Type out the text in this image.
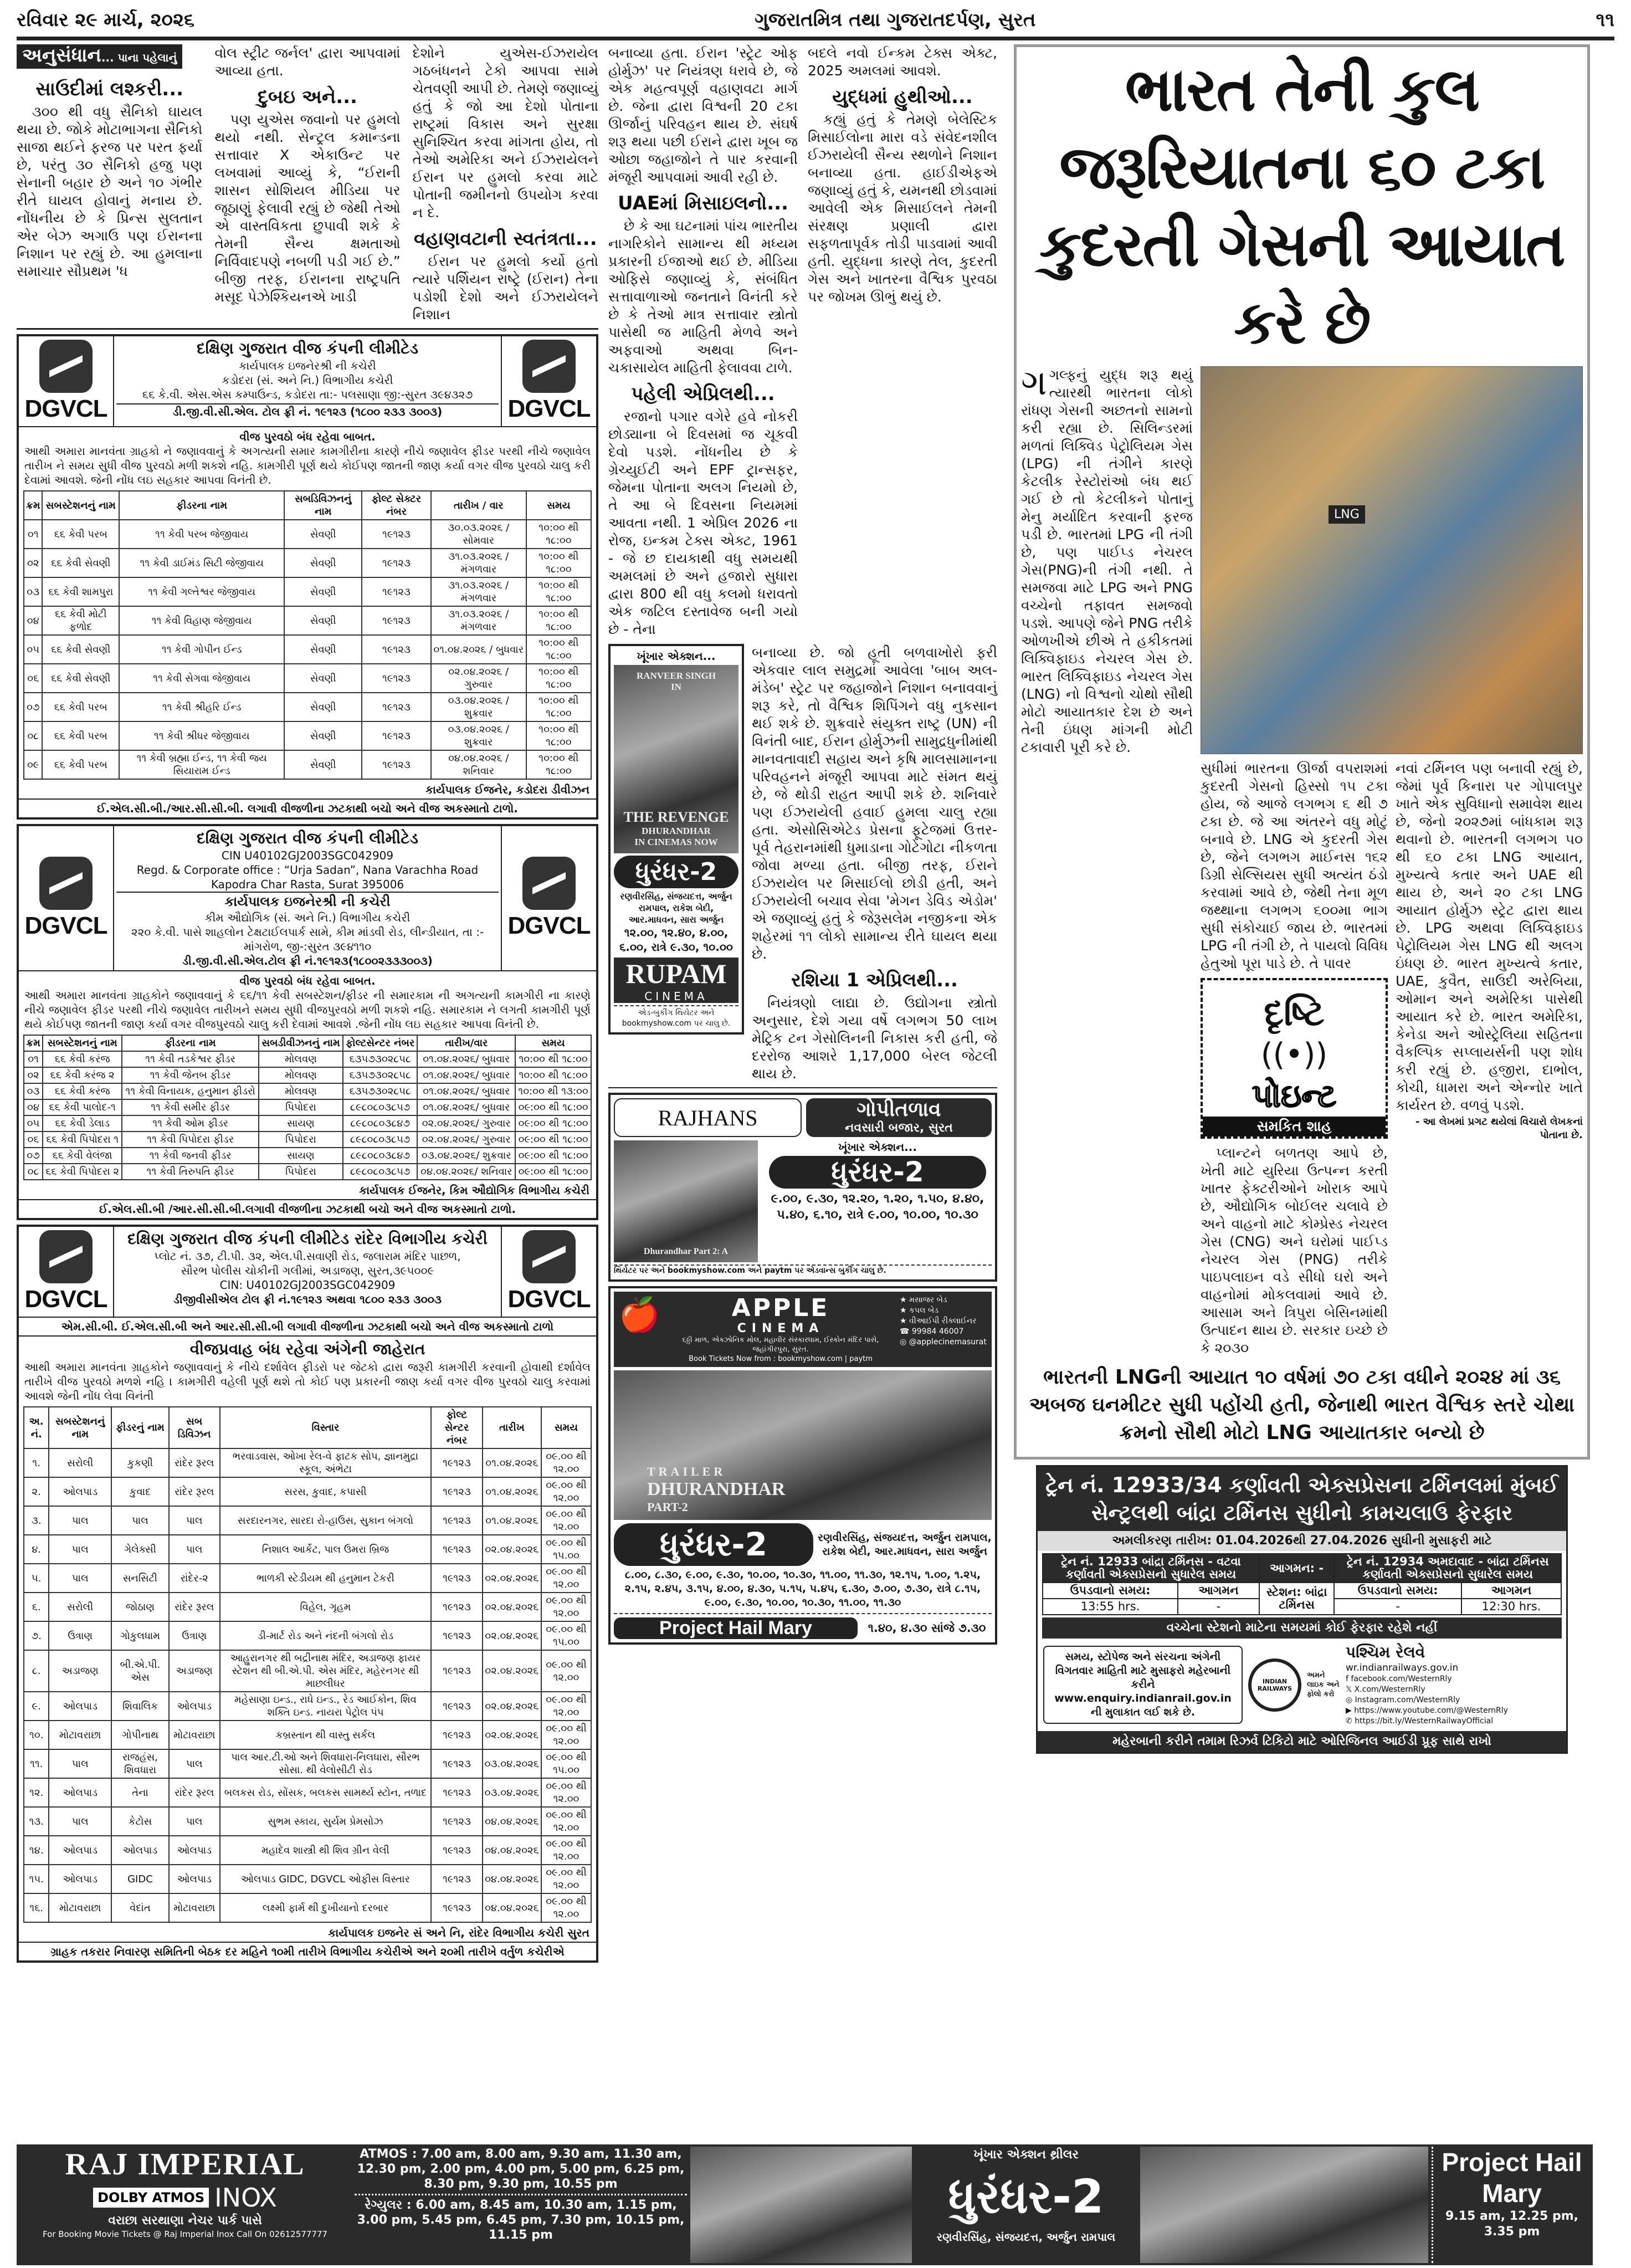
રવિવાર ૨૯ માર્ચ, ૨૦૨૬	ગુજરાતમિત્ર તથા ગુજરાતદર્પણ, સુરત	૧૧
અનુસંધાન... પાના પહેલાનું
સાઉદીમાં લશ્કરી...

૩૦૦ થી વધુ સૈનિકો ઘાયલ થયા છે. જોકે મોટાભાગના સૈનિકો સાજા થઈને ફરજ પર પરત ફર્યા છે, પરંતુ ૩૦ સૈનિકો હજુ પણ સેનાની બહાર છે અને ૧૦ ગંભીર રીતે ઘાયલ હોવાનું મનાય છે. નોંધનીય છે કે પ્રિન્સ સુલતાન એર બેઝ અગાઉ પણ ઈરાનના નિશાન પર રહ્યું છે. આ હુમલાના સમાચાર સૌપ્રથમ 'ધ

વોલ સ્ટ્રીટ જર્નલ' દ્વારા આપવામાં આવ્યા હતા.

દુબઇ અને...

પણ યુએસ જવાનો પર હુમલો થયો નથી. સેન્ટ્રલ કમાન્ડના સત્તાવાર X એકાઉન્ટ પર લખવામાં આવ્યું કે, “ઈરાની શાસન સોશિયલ મીડિયા પર જૂઠાણું ફેલાવી રહ્યું છે જેથી તેઓ એ વાસ્તવિકતા છુપાવી શકે કે તેમની સૈન્ય ક્ષમતાઓ નિર્વિવાદપણે નબળી પડી ગઈ છે.” બીજી તરફ, ઈરાનના રાષ્ટ્રપતિ મસૂદ પેઝેશ્કિયનએ ખાડી

દેશોને યુએસ-ઈઝરાયેલ ગઠબંધનને ટેકો આપવા સામે ચેતવણી આપી છે. તેમણે જણાવ્યું હતું કે જો આ દેશો પોતાના રાષ્ટ્રમાં વિકાસ અને સુરક્ષા સુનિશ્ચિત કરવા માંગતા હોય, તો તેઓ અમેરિકા અને ઈઝરાયેલને ઈરાન પર હુમલો કરવા માટે પોતાની જમીનનો ઉપયોગ કરવા ન દે.

વહાણવટાની સ્વતંત્રતા...

ઈરાન પર હુમલો કર્યો હતો ત્યારે પર્શિયન રાષ્ટ્રે (ઈરાન) તેના પડોશી દેશો અને ઈઝરાયેલને નિશાન

DGVCL
દક્ષિણ ગુજરાત વીજ કંપની લીમીટેડ
કાર્યપાલક ઇજનેરશ્રી ની કચેરી
કડોદરા (સં. અને નિ.) વિભાગીય કચેરી
૬૬ કે.વી. એસ.એસ કમ્પાઉન્ડ, કડોદરા તા:- પલસાણા જી:-સુરત ૩૯૪૩૨૭
ડી.જી.વી.સી.એલ. ટોલ ફ્રી નં. ૧૯૧૨૩ (૧૮૦૦ ૨૩૩ ૩૦૦૩)	DGVCL
વીજ પુરવઠો બંધ રહેવા બાબત.

આથી અમારા માનવંતા ગ્રાહકો ને જણાવવાનું કે અગત્યની સમાર કામગીરીના કારણે નીચે જણાવેલ ફીડર પરથી નીચે જણાવેલ તારીખ ને સમય સુધી વીજ પુરવઠો મળી શકશે નહિ. કામગીરી પૂર્ણ થયે કોઈપણ જાતની જાણ કર્યા વગર વીજ પુરવઠો ચાલુ કરી દેવામાં આવશે. જેની નોંધ લઇ સહકાર આપવા વિનંતી છે.

ક્રમ	સબસ્ટેશનનું નામ	ફીડરના નામ	સબડિવિઝનનું નામ	ફોલ્ટ સેક્ટર નંબર	તારીખ / વાર	સમય
૦૧	૬૬ કેવી પરબ	૧૧ કેવી પરબ જેજીવાય	સેવણી	૧૯૧૨૩	૩૦.૦૩.૨૦૨૬ / સોમવાર	૧૦:૦૦ થી ૧૮:૦૦
૦૨	૬૬ કેવી સેવણી	૧૧ કેવી ડાઈમંડ સિટી જેજીવાય	સેવણી	૧૯૧૨૩	૩૧.૦૩.૨૦૨૬ / મંગળવાર	૧૦:૦૦ થી ૧૮:૦૦
૦૩	૬૬ કેવી શામપુરા	૧૧ કેવી ગલ્તેશ્વર જેજીવાય	સેવણી	૧૯૧૨૩	૩૧.૦૩.૨૦૨૬ / મંગળવાર	૧૦:૦૦ થી ૧૮:૦૦
૦૪	૬૬ કેવી મોટી ફળોદ	૧૧ કેવી વિહાણ જેજીવાય	સેવણી	૧૯૧૨૩	૩૧.૦૩.૨૦૨૬ / મંગળવાર	૧૦:૦૦ થી ૧૮:૦૦
૦૫	૬૬ કેવી સેવણી	૧૧ કેવી ગોપીન ઈન્ડ	સેવણી	૧૯૧૨૩	૦૧.૦૪.૨૦૨૬ / બુધવાર	૧૦:૦૦ થી ૧૮:૦૦
૦૬	૬૬ કેવી સેવણી	૧૧ કેવી સેગવા જેજીવાય	સેવણી	૧૯૧૨૩	૦૨.૦૪.૨૦૨૬ / ગુરુવાર	૧૦:૦૦ થી ૧૮:૦૦
૦૭	૬૬ કેવી પરબ	૧૧ કેવી શ્રીહરિ ઈન્ડ	સેવણી	૧૯૧૨૩	૦૩.૦૪.૨૦૨૬ / શુક્રવાર	૧૦:૦૦ થી ૧૮:૦૦
૦૮	૬૬ કેવી પરબ	૧૧ કેવી શ્રીધર જેજીવાય	સેવણી	૧૯૧૨૩	૦૩.૦૪.૨૦૨૬ / શુક્રવાર	૧૦:૦૦ થી ૧૮:૦૦
૦૯	૬૬ કેવી પરબ	૧૧ કેવી બ્રહ્મા ઈન્ડ, ૧૧ કેવી જય સિયારામ ઈન્ડ	સેવણી	૧૯૧૨૩	૦૪.૦૪.૨૦૨૬ / શનિવાર	૧૦:૦૦ થી ૧૮:૦૦
કાર્યપાલક ઈજનેર, કડોદરા ડીવીઝન
ઈ.એલ.સી.બી./આર.સી.સી.બી. લગાવી વીજળીના ઝટકાથી બચો અને વીજ અકસ્માતો ટાળો.
DGVCL
દક્ષિણ ગુજરાત વીજ કંપની લીમીટેડ
CIN U40102GJ2003SGC042909
Regd. & Corporate office : “Urja Sadan”, Nana Varachha Road
Kapodra Char Rasta, Surat 395006
કાર્યપાલક ઇજનેરશ્રી ની કચેરી
કીમ ઔદ્યોગિક (સં. અને નિ.) વિભાગીય કચેરી
૨૨૦ કે.વી. પાસે શાહલોન ટેક્ષટાઈલપાર્ક સામે, કીમ માંડવી રોડ, લીન્ડીયાત, તા :-માંગરોળ, જી-:સુરત ૩૯૪૧૧૦
ડી.જી.વી.સી.એલ.ટોલ ફ્રી નં.૧૯૧૨૩(૧૮૦૦૨૩૩૩૦૦૩)
DGVCL
વીજ પુરવઠો બંધ રહેવા બાબત.

આથી અમારા માનવંતા ગ્રાહકોને જણાવવાનું કે ૬૬/૧૧ કેવી સબસ્ટેશન/ફીડર ની સમારકામ ની અગત્યની કામગીરી ના કારણે નીચે જણાવેલ ફીડર પરથી નીચે જણાવેલ તારીખને સમય સુધી વીજપુરવઠો મળી શકશે નહિ. સમારકામ ને લગતી કામગીરી પૂર્ણ થયે કોઈપણ જાતની જાણ કર્યા વગર વીજપુરવઠો ચાલુ કરી દેવામાં આવશે .જેની નોંધ લઇ સહકાર આપવા વિનંતી છે.

ક્રમ	સબસ્ટેશનનું નામ	ફીડરના નામ	સબડીવીઝનનું નામ	ફોલ્ટસેન્ટર નંબર	તારીખ/વાર	સમય
૦૧	૬૬ કેવી કરંજ	૧૧ કેવી તડકેશ્વર ફીડર	મોલવણ	૬૩૫૭૩૦૨૮૫૮	૦૧.૦૪.૨૦૨૬/ બુધવાર	૧૦:૦૦ થી ૧૮:૦૦
૦૨	૬૬ કેવી કરંજ ૨	૧૧ કેવી જેનબ ફીડર	મોલવણ	૬૩૫૭૩૦૨૮૫૮	૦૧.૦૪.૨૦૨૬/ બુધવાર	૧૦:૦૦ થી ૧૮:૦૦
૦૩	૬૬ કેવી કરંજ	૧૧ કેવી વિનાયક, હનુમાન ફીડરો	મોલવણ	૬૩૫૭૩૦૨૮૫૮	૦૧.૦૪.૨૦૨૬/ બુધવાર	૧૦:૦૦ થી ૧૩:૦૦
૦૪	૬૬ કેવી પાલોદ-૧	૧૧ કેવી સમીર ફીડર	પિપોદરા	૮૯૮૦૮૦૩૮૫૭	૦૧.૦૪.૨૦૨૬/ બુધવાર	૦૯:૦૦ થી ૧૮:૦૦
૦૫	૬૬ કેવી ડેલાડ	૧૧ કેવી ઓમ ફીડર	સાયણ	૮૯૮૦૮૦૩૮૪૭	૦૨.૦૪.૨૦૨૬/ ગુરુવાર	૦૯:૦૦ થી ૧૮:૦૦
૦૬	૬૬ કેવી પિપોદરા ૧	૧૧ કેવી પિપોદરા ફીડર	પિપોદરા	૮૯૮૦૮૦૩૮૫૭	૦૨.૦૪.૨૦૨૬/ ગુરુવાર	૦૯:૦૦ થી ૧૮:૦૦
૦૭	૬૬ કેવી વેલંજા	૧૧ કેવી જનવી ફીડર	સાયણ	૮૯૮૦૮૦૩૮૪૭	૦૩.૦૪.૨૦૨૬/ શુક્રવાર	૦૯:૦૦ થી ૧૮:૦૦
૦૮	૬૬ કેવી પિપોદરા ૨	૧૧ કેવી તિરુપતિ ફીડર	પિપોદરા	૮૯૮૦૮૦૩૮૫૭	૦૪.૦૪.૨૦૨૬/ શનિવાર	૦૯:૦૦ થી ૧૮:૦૦
કાર્યપાલક ઈજનેર, કિમ ઔદ્યોગિક વિભાગીય કચેરી
ઈ.એલ.સી.બી /આર.સી.સી.બી.લગાવી વીજળીના ઝટકાથી બચો અને વીજ અકસ્માતો ટાળો.
DGVCL
દક્ષિણ ગુજરાત વીજ કંપની લીમીટેડ રાંદેર વિભાગીય કચેરી
પ્લોટ નં. ૩૭, ટી.પી. ૩૨, એલ.પી.સવાણી રોડ, જલારામ મંદિર પાછળ,
સૌરભ પોલીસ ચોકીની ગલીમાં, અડાજણ, સુરત,૩૯૫૦૦૯
CIN: U40102GJ2003SGC042909
ડીજીવીસીએલ ટોલ ફ્રી નં.૧૯૧૨૩ અથવા ૧૮૦૦ ૨૩૩ ૩૦૦૩	DGVCL
એમ.સી.બી. ઈ.એલ.સી.બી અને આર.સી.સી.બી લગાવી વીજળીના ઝટકાથી બચો અને વીજ અકસ્માતો ટાળો
વીજપ્રવાહ બંધ રહેવા અંગેની જાહેરાત

આથી અમારા માનવંતા ગ્રાહકોને જણાવવાનું કે નીચે દર્શાવેલ ફીડરો પર જેટકો દ્વારા જરૂરી કામગીરી કરવાની હોવાથી દર્શાવેલ તારીખે વીજ પુરવઠો મળશે નહિ । કામગીરી વહેલી પૂર્ણ થશે તો કોઈ પણ પ્રકારની જાણ કર્યા વગર વીજ પુરવઠો ચાલુ કરવામાં આવશે જેની નોંધ લેવા વિનંતી

અ. નં.	સબસ્ટેશનનું નામ	ફીડરનું નામ	સબ ડિવિઝન	વિસ્તાર	ફોલ્ટ સેન્ટર નંબર	તારીખ	સમય
૧.	સરોલી	કુકણી	રાંદેર રૂરલ	ભરવાડવાસ, ઓખા રેલ-વે ફાટક સોપ, જ્ઞાનમુદ્રા સ્કૂલ, અંભેટા	૧૯૧૨૩	૦૧.૦૪.૨૦૨૬	૦૯.૦૦ થી ૧૨.૦૦
૨.	ઓલપાડ	કુવાદ	રાંદેર રૂરલ	સરસ, કુવાદ, કપાસી	૧૯૧૨૩	૦૧.૦૪.૨૦૨૬	૦૯.૦૦ થી ૧૨.૦૦
૩.	પાલ	પાલ	પાલ	સરદારનગર, સારદા રો-હાઉસ, સુકાન બંગલો	૧૯૧૨૩	૦૧.૦૪.૨૦૨૬	૦૯.૦૦ થી ૧૨.૦૦
૪.	પાલ	ગેલેક્સી	પાલ	નિશાલ આર્કેટ, પાલ ઉમરા બ્રિજ	૧૯૧૨૩	૦૨.૦૪.૨૦૨૬	૦૯.૦૦ થી ૧૫.૦૦
૫.	પાલ	સનસિટી	રાંદેર-૨	ભાળકી સ્ટેડીયમ થી હનુમાન ટેકરી	૧૯૧૨૩	૦૨.૦૪.૨૦૨૬	૦૯.૦૦ થી ૧૨.૦૦
૬.	સરોલી	જોઠાણ	રાંદેર રૂરલ	વિહેલ, ગૃહમ	૧૯૧૨૩	૦૨.૦૪.૨૦૨૬	૦૯.૦૦ થી ૧૨.૦૦
૭.	ઉત્રાણ	ગોકુલધામ	ઉત્રાણ	ડી-માર્ટ રોડ અને નંદની બંગલો રોડ	૧૯૧૨૩	૦૨.૦૪.૨૦૨૬	૦૯.૦૦ થી ૧૫.૦૦
૮.	અડાજણ	બી.એ.પી. એસ	અડાજણ	આહુરાનગર થી બદ્રીનાથ મંદિર, અડાજણ ફાયર સ્ટેશન થી બી.એ.પી. એસ મંદિર, મહેરનગર થી માછલીઘર	૧૯૧૨૩	૦૨.૦૪.૨૦૨૬	૦૯.૦૦ થી ૧૨.૦૦
૯.	ઓલપાડ	શિવાલિક	ઓલપાડ	મહેસાણા ઇન્ડ., રાધે ઇન્ડ., રેડ આઈકોન, શિવ શક્તિ ઇન્ડ. નાયરા પેટ્રોલ પંપ	૧૯૧૨૩	૦૨.૦૪.૨૦૨૬	૦૯.૦૦ થી ૧૨.૦૦
૧૦.	મોટાવરાછા	ગોપીનાથ	મોટાવરાછા	કબ્રસ્તાન થી વાસ્તુ સર્કલ	૧૯૧૨૩	૦૨.૦૪.૨૦૨૬	૦૯.૦૦ થી ૧૨.૦૦
૧૧.	પાલ	રાજહંસ, શિવધારા	પાલ	પાલ આર.ટી.ઓ અને શિવધારા-નિલધારા, સૌરભ સોસા. થી વેલોસીટી રોડ	૧૯૧૨૩	૦૩.૦૪.૨૦૨૬	૦૯.૦૦ થી ૧૫.૦૦
૧૨.	ઓલપાડ	તેના	રાંદેર રૂરલ	બલકસ રોડ, સોંસક, બલકસ સામર્થ્ય સ્ટોન, તળાદ	૧૯૧૨૩	૦૩.૦૪.૨૦૨૬	૦૯.૦૦ થી ૧૨.૦૦
૧૩.	પાલ	કેટોસ	પાલ	સુભમ સ્કાય, સુર્યમ પ્રેમસોઝ	૧૯૧૨૩	૦૪.૦૪.૨૦૨૬	૦૯.૦૦ થી ૧૨.૦૦
૧૪.	ઓલપાડ	ઓલપાડ	ઓલપાડ	મહાદેવ શાસ્ત્રી થી શિવ ગ્રીન વેલી	૧૯૧૨૩	૦૪.૦૪.૨૦૨૬	૦૯.૦૦ થી ૧૨.૦૦
૧૫.	ઓલપાડ	GIDC	ઓલપાડ	ઓલપાડ GIDC, DGVCL ઓફીસ વિસ્તાર	૧૯૧૨૩	૦૪.૦૪.૨૦૨૬	૦૯.૦૦ થી ૧૨.૦૦
૧૬.	મોટાવરાછા	વેદાંત	મોટાવરાછા	લક્ષ્મી ફાર્મ થી દુખીયાનો દરબાર	૧૯૧૨૩	૦૪.૦૪.૨૦૨૬	૦૯.૦૦ થી ૧૨.૦૦
કાર્યપાલક ઇજનેર સં અને નિ, રાંદેર વિભાગીય કચેરી સુરત
ગ્રાહક તકરાર નિવારણ સમિતિની બેઠક દર મહિને ૧૦મી તારીખે વિભાગીય કચેરીએ અને ૨૦મી તારીખે વર્તુળ કચેરીએ

બનાવ્યા હતા. ઈરાન 'સ્ટ્રેટ ઓફ હોર્મુઝ' પર નિયંત્રણ ધરાવે છે, જે એક મહત્વપૂર્ણ વહાણવટા માર્ગ છે. જેના દ્વારા વિશ્વની 20 ટકા ઊર્જાનું પરિવહન થાય છે. સંઘર્ષ શરૂ થયા પછી ઈરાને દ્વારા ખૂબ જ ઓછા જહાજોને તે પાર કરવાની મંજૂરી આપવામાં આવી રહી છે.

UAEમાં મિસાઇલનો...

છે કે આ ઘટનામાં પાંચ ભારતીય નાગરિકોને સામાન્ય થી મધ્યમ પ્રકારની ઈજાઓ થઈ છે. મીડિયા ઓફિસે જણાવ્યું કે, સંબંધિત સત્તાવાળાઓ જનતાને વિનંતી કરે છે કે તેઓ માત્ર સત્તાવાર સ્ત્રોતો પાસેથી જ માહિતી મેળવે અને અફવાઓ અથવા બિન-ચકાસાયેલ માહિતી ફેલાવવા ટાળે.

પહેલી એપ્રિલથી...

રજાનો પગાર વગેરે હવે નોકરી છોડ્યાના બે દિવસમાં જ ચૂકવી દેવો પડશે. નોંધનીય છે કે ગ્રેચ્યુઈટી અને EPF ટ્રાન્સફર, જેમના પોતાના અલગ નિયમો છે, તે આ બે દિવસના નિયમમાં આવતા નથી. 1 એપ્રિલ 2026 ના રોજ, ઇન્કમ ટેક્સ એક્ટ, 1961 - જે છ દાયકાથી વધુ સમયથી અમલમાં છે અને હજારો સુધારા દ્વારા 800 થી વધુ કલમો ધરાવતો એક જટિલ દસ્તાવેજ બની ગયો છે - તેના

બદલે નવો ઈન્કમ ટેક્સ એક્ટ, 2025 અમલમાં આવશે.

યુદ્ધમાં હુથીઓ...

કહ્યું હતું કે તેમણે બેલેસ્ટિક મિસાઈલોના મારા વડે સંવેદનશીલ ઈઝરાયેલી સૈન્ય સ્થળોને નિશાન બનાવ્યા હતા. હાઈડીએફએ જણાવ્યું હતું કે, યમનથી છોડવામાં આવેલી એક મિસાઈલને તેમની સંરક્ષણ પ્રણાલી દ્વારા સફળતાપૂર્વક તોડી પાડવામાં આવી હતી. યુદ્ધના કારણે તેલ, કુદરતી ગેસ અને ખાતરના વૈશ્વિક પુરવઠા પર જોખમ ઊભું થયું છે.

ખૂંખાર એક્શન...
RANVEER SINGH
IN
THE REVENGE
DHURANDHAR
IN CINEMAS NOW
ધુરંધર-2
રણવીરસિંહ, સંજયદત્ત, અર્જુન રામપાલ, રાકેશ બેદી, આર.માધવન, સારા અર્જુન
૧૨.૦૦, ૧૨.૪૦, ૪.૦૦, ૬.૦૦, રાત્રે ૯.૩૦, ૧૦.૦૦
RUPAM
CINEMA
એડ-બુકીંગ થિયેટર અને bookmyshow.com પર ચાલુ છે.

બનાવ્યા છે. જો હૂતી બળવાખોરો ફરી એકવાર લાલ સમુદ્રમાં આવેલા 'બાબ અલ-મંડેબ' સ્ટ્રેટ પર જહાજોને નિશાન બનાવવાનું શરૂ કરે, તો વૈશ્વિક શિપિંગને વધુ નુકસાન થઈ શકે છે. શુક્રવારે સંયુક્ત રાષ્ટ્ર (UN) ની વિનંતી બાદ, ઈરાન હોર્મુઝની સામુદ્રધુનીમાંથી માનવતાવાદી સહાય અને કૃષિ માલસામાનના પરિવહનને મંજૂરી આપવા માટે સંમત થયું છે, જે થોડી રાહત આપી શકે છે. શનિવારે પણ ઈઝરાયેલી હવાઈ હુમલા ચાલુ રહ્યા હતા. એસોસિએટેડ પ્રેસના ફૂટેજમાં ઉત્તર-પૂર્વ તેહરાનમાંથી ધુમાડાના ગોટેગોટા નીકળતા જોવા મળ્યા હતા. બીજી તરફ, ઈરાને ઈઝરાયેલ પર મિસાઈલો છોડી હતી, અને ઈઝરાયેલી બચાવ સેવા 'મેગન ડેવિડ એડોમ' એ જણાવ્યું હતું કે જેરૂસલેમ નજીકના એક શહેરમાં ૧૧ લોકો સામાન્ય રીતે ઘાયલ થયા છે.

રશિયા 1 એપ્રિલથી...

નિયંત્રણો લાદ્યા છે. ઉદ્યોગના સ્ત્રોતો અનુસાર, દેશે ગયા વર્ષે લગભગ 50 લાખ મેટ્રિક ટન ગેસોલિનની નિકાસ કરી હતી, જે દરરોજ આશરે 1,17,000 બેરલ જેટલી થાય છે.

RAJHANS	ગોપીતળાવ
નવસારી બજાર, સુરત
Dhurandhar Part 2: A
ખૂંખાર એક્શન...
ધુરંધર-2
૯.૦૦, ૯.૩૦, ૧૨.૨૦, ૧.૨૦, ૧.૫૦, ૪.૪૦, ૫.૪૦, ૬.૧૦, રાત્રે ૯.૦૦, ૧૦.૦૦, ૧૦.૩૦
થિયેટર પર અને bookmyshow.com અને paytm પર એડવાન્સ બુકીંગ ચાલુ છે.
🍎	APPLE
CINEMA
૬ઠ્ઠી માળ, એક્ઝોનિક મોલ, મહાવીર સંસ્કારધામ, ઈસ્કોન મંદિર પાસે, જહાંગીરપુરા, સુરત.
Book Tickets Now from : bookmyshow.com | paytm
★ મસાજર બેડ
★ કપલ બેડ
★ વીઆઈપી રીક્લાઈનર
☎ 99984 46007
◎ @applecinemasurat
TRAILER
DHURANDHAR
PART-2
ધુરંધર-2	રણવીરસિંહ, સંજયદત્ત, અર્જુન રામપાલ, રાકેશ બેદી, આર.માધવન, સારા અર્જુન
૮.૦૦, ૮.૩૦, ૯.૦૦, ૯.૩૦, ૧૦.૦૦, ૧૦.૩૦, ૧૧.૦૦, ૧૧.૩૦, ૧૨.૧૫, ૧.૦૦, ૧.૨૫, ૨.૧૫, ૨.૪૫, ૩.૧૫, ૪.૦૦, ૪.૩૦, ૫.૧૫, ૫.૪૫, ૬.૩૦, ૭.૦૦, ૭.૩૦, રાત્રે ૮.૧૫, ૯.૦૦, ૯.૩૦, ૧૦.૦૦, ૧૦.૩૦, ૧૧.૦૦, ૧૧.૩૦
Project Hail Mary	૧.૪૦, ૪.૩૦ સાંજે ૭.૩૦
ભારત તેની કુલ જરૂરિયાતના ૬૦ ટકા કુદરતી ગેસની આયાત કરે છે

ગગલ્ફનું યુદ્ધ શરૂ થયું ત્યારથી ભારતના લોકો રાંધણ ગેસની અછતનો સામનો કરી રહ્યા છે. સિલિન્ડરમાં મળતાં લિક્વિડ પેટ્રોલિયમ ગેસ (LPG) ની તંગીને કારણે કેટલીક રેસ્ટોરાંઓ બંધ થઈ ગઈ છે તો કેટલીકને પોતાનું મેનુ મર્યાદિત કરવાની ફરજ પડી છે. ભારતમાં LPG ની તંગી છે, પણ પાઈપ્ડ નેચરલ ગેસ(PNG)ની તંગી નથી. તે સમજવા માટે LPG અને PNG વચ્ચેનો તફાવત સમજવો પડશે. આપણે જેને PNG તરીકે ઓળખીએ છીએ તે હકીકતમાં લિક્વિફાઇડ નેચરલ ગેસ છે. ભારત લિક્વિફાઇડ નેચરલ ગેસ (LNG) નો વિશ્વનો ચોથો સૌથી મોટો આયાતકાર દેશ છે અને તેની ઇંધણ માંગની મોટી ટકાવારી પૂરી કરે છે.

LNG

સુધીમાં ભારતના ઊર્જા વપરાશમાં કુદરતી ગેસનો હિસ્સો ૧૫ ટકા હોય, જે આજે લગભગ ૬ થી ૭ ટકા છે. જે આ અંતરને વધુ મોટું બનાવે છે. LNG એ કુદરતી ગેસ છે, જેને લગભગ માઈનસ ૧૬૨ ડિગ્રી સેલ્સિયસ સુધી અત્યંત ઠંડો કરવામાં આવે છે, જેથી તેના મૂળ જથ્થાના લગભગ ૬૦૦મા ભાગ સુધી સંકોચાઈ જાય છે. ભારતમાં LPG ની તંગી છે, તે પાયલો વિવિધ હેતુઓ પૂરા પાડે છે. તે પાવર

દૃષ્ટિ
((•))
પોઇન્ટ
સમકિત શાહ

પ્લાન્ટને બળતણ આપે છે, ખેતી માટે યુરિયા ઉત્પન્ન કરતી ખાતર ફેક્ટરીઓને ખોરાક આપે છે, ઔદ્યોગિક બોઈલર ચલાવે છે અને વાહનો માટે કોમ્પ્રેસ્ડ નેચરલ ગેસ (CNG) અને ઘરોમાં પાઈપ્ડ નેચરલ ગેસ (PNG) તરીકે પાઇપલાઇન વડે સીધો ઘરો અને વાહનોમાં મોકલવામાં આવે છે. આસામ અને ત્રિપુરા બેસિનમાંથી ઉત્પાદન થાય છે. સરકાર ઇચ્છે છે કે ૨૦૩૦

નવાં ટર્મિનલ પણ બનાવી રહ્યું છે, જેમાં પૂર્વ કિનારા પર ગોપાલપુર ખાતે એક સુવિધાનો સમાવેશ થાય છે, જેનો ૨૦૨૭માં બાંધકામ શરૂ થવાનો છે. ભારતની લગભગ ૫૦ થી ૬૦ ટકા LNG આયાત, મુખ્યત્વે કતાર અને UAE થી થાય છે, અને ૨૦ ટકા LNG આયાત હોર્મુઝ સ્ટ્રેટ દ્વારા થાય છે. LPG અથવા લિક્વિફાઇડ પેટ્રોલિયમ ગેસ LNG થી અલગ ઇંધણ છે. ભારત મુખ્યત્વે કતાર, UAE, કુવૈત, સાઉદી અરેબિયા, ઓમાન અને અમેરિકા પાસેથી આયાત કરે છે. ભારત અમેરિકા, કેનેડા અને ઓસ્ટ્રેલિયા સહિતના વૈકલ્પિક સપ્લાયર્સની પણ શોધ કરી રહ્યું છે. હજીરા, દાભોલ, કોચી, ધામરા અને એન્નોર ખાતે કાર્યરત છે. વળવું પડશે.

- આ લેખમાં પ્રગટ થયેલાં વિચારો લેખકનાં પોતાના છે.
ભારતની LNGની આયાત ૧૦ વર્ષમાં ૭૦ ટકા વધીને ૨૦૨૪ માં ૩૬ અબજ ઘનમીટર સુધી પહોંચી હતી, જેનાથી ભારત વૈશ્વિક સ્તરે ચોથા ક્રમનો સૌથી મોટો LNG આયાતકાર બન્યો છે
ટ્રેન નં. 12933/34 કર્ણાવતી એક્સપ્રેસના ટર્મિનલમાં મુંબઈ સેન્ટ્રલથી બાંદ્રા ટર્મિનસ સુધીનો કામચલાઉ ફેરફાર
અમલીકરણ તારીખ: 01.04.2026થી 27.04.2026 સુધીની મુસાફરી માટે
ટ્રેન નં. 12933 બાંદ્રા ટર્મિનસ - વટવા કર્ણાવતી એક્સપ્રેસનો સુધારેલ સમય		આગમન: -	ટ્રેન નં. 12934 અમદાવાદ - બાંદ્રા ટર્મિનસ કર્ણાવતી એક્સપ્રેસનો સુધારેલ સમય	
ઉપડવાનો સમય:	આગમન	સ્ટેશન: બાંદ્રા ટર્મિનસ	ઉપડવાનો સમય:	આગમન
13:55 hrs.	-		-	12:30 hrs.
વચ્ચેના સ્ટેશનો માટેના સમયમાં કોઈ ફેરફાર રહેશે નહીં
સમય, સ્ટોપેજ અને સંરચના અંગેની વિગતવાર માહિતી માટે મુસાફરો મહેરબાની કરીને www.enquiry.indianrail.gov.in ની મુલાકાત લઈ શકે છે.
INDIAN RAILWAYS
અમને લાઇક અને ફોલો કરો
પશ્ચિમ રેલવે
wr.indianrailways.gov.in
f facebook.com/WesternRly
𝕏 X.com/WesternRly
◎ Instagram.com/WesternRly
▶ https://www.youtube.com/@WesternRly
✆ https://bit.ly/WesternRailwayOfficial
મહેરબાની કરીને તમામ રિઝર્વ ટિકિટો માટે ઓરિજિનલ આઈડી પ્રૂફ સાથે રાખો
RAJ IMPERIAL
DOLBY ATMOS INOX
વરાછા સરથાણા નેચર પાર્ક પાસે
For Booking Movie Tickets @ Raj Imperial Inox Call On 02612577777
ATMOS : 7.00 am, 8.00 am, 9.30 am, 11.30 am, 12.30 pm, 2.00 pm, 4.00 pm, 5.00 pm, 6.25 pm, 8.30 pm, 9.30 pm, 10.55 pm
રેગ્યુલર : 6.00 am, 8.45 am, 10.30 am, 1.15 pm, 3.00 pm, 5.45 pm, 6.45 pm, 7.30 pm, 10.15 pm, 11.15 pm
ખૂંખાર એક્શન થ્રીલર
ધુરંધર-2
રણવીરસિંહ, સંજયદત્ત, અર્જુન રામપાલ
Project Hail Mary
9.15 am, 12.25 pm, 3.35 pm
